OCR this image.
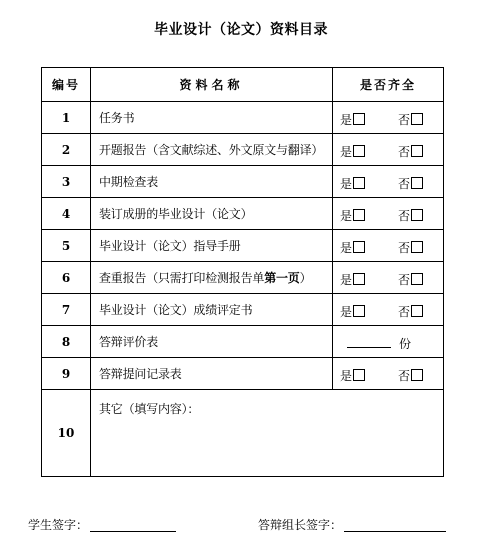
毕业设计（论文）资料目录
编号	资料名称	是否齐全
1	任务书	是 否

2	开题报告（含文献综述、外文原文与翻译）	是 否

3	中期检查表	是 否

4	装订成册的毕业设计（论文）	是 否

5	毕业设计（论文）指导手册	是 否

6	查重报告（只需打印检测报告单第一页）	是 否

7	毕业设计（论文）成绩评定书	是 否

8	答辩评价表	份

9	答辩提问记录表	是 否

10	其它（填写内容）：	
学生签字：	答辩组长签字：
